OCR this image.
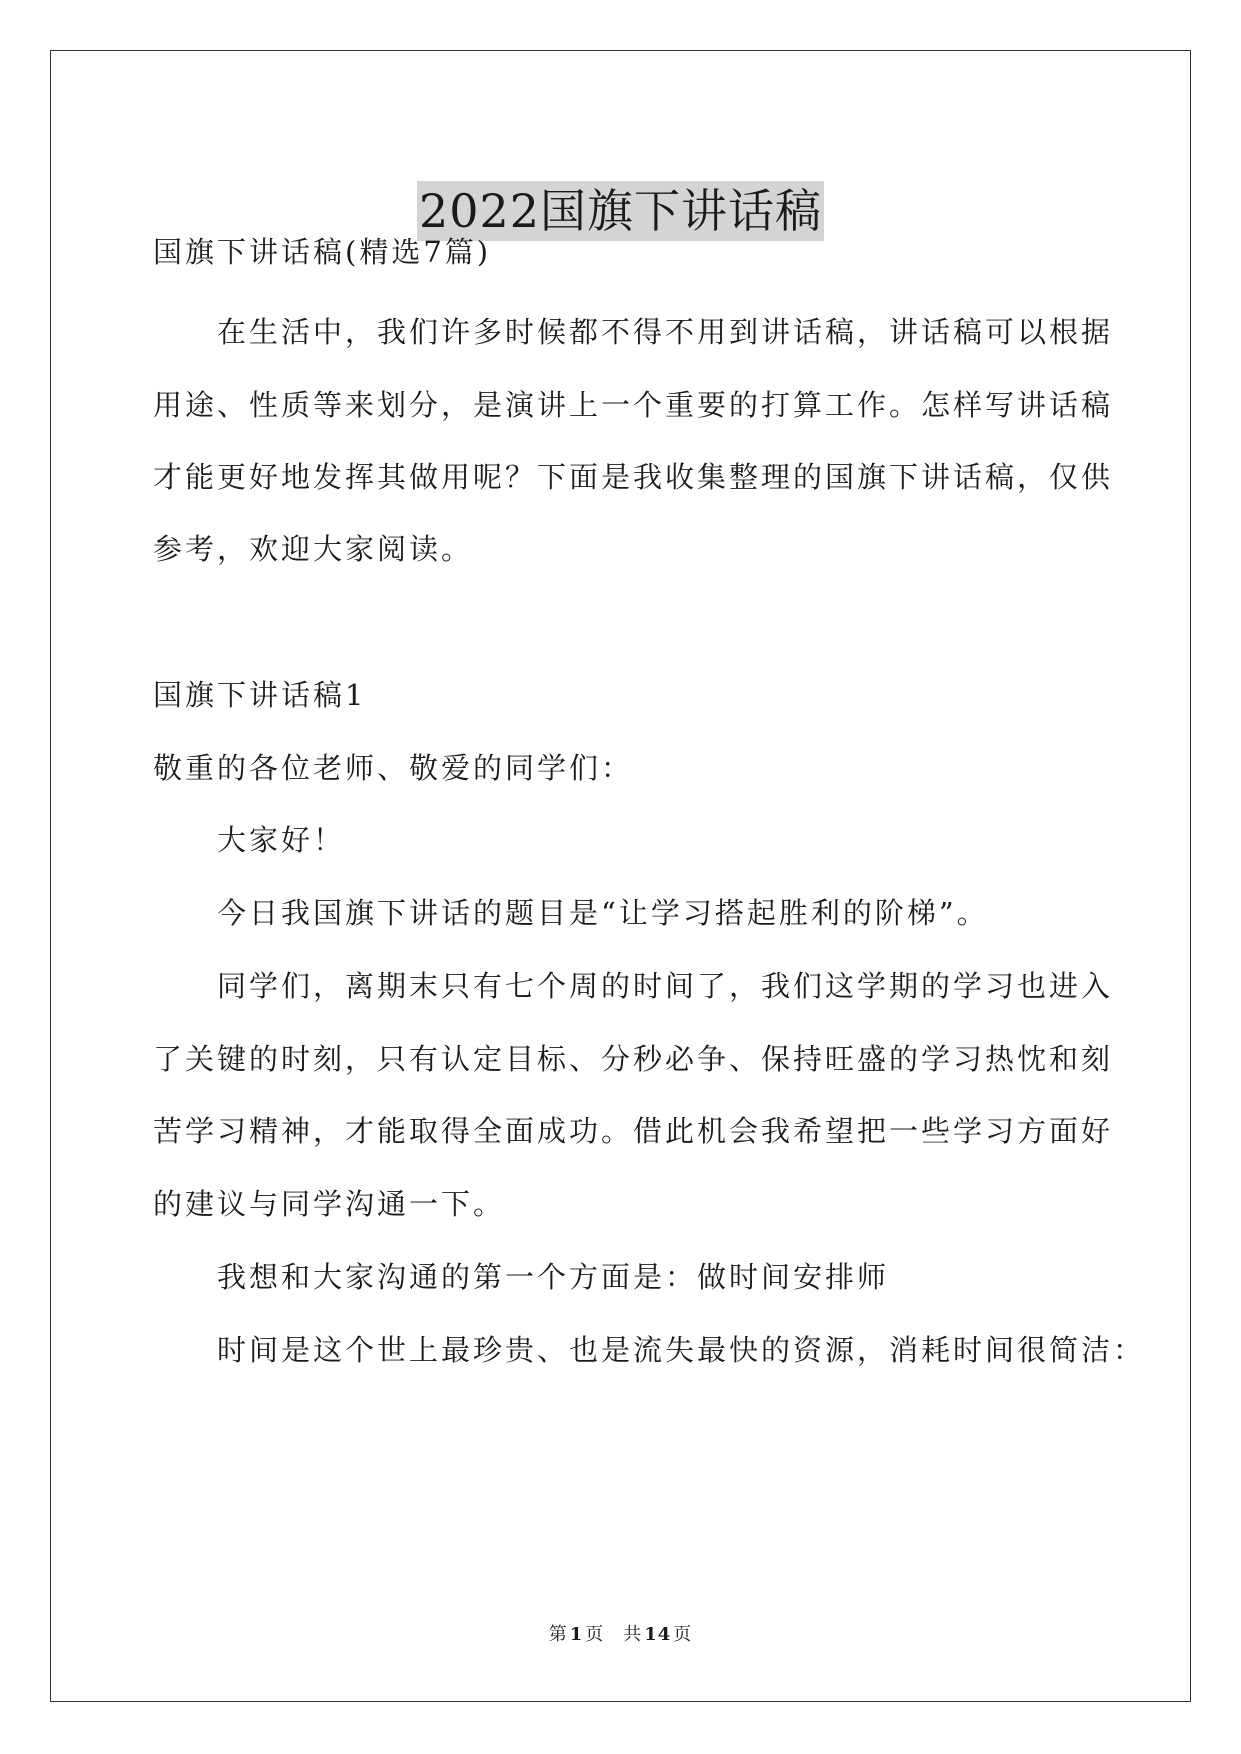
2022国旗下讲话稿
国旗下讲话稿(精选7篇)
　　在生活中，我们许多时候都不得不用到讲话稿，讲话稿可以根据
用途、性质等来划分，是演讲上一个重要的打算工作。怎样写讲话稿
才能更好地发挥其做用呢？下面是我收集整理的国旗下讲话稿，仅供
参考，欢迎大家阅读。
国旗下讲话稿1
敬重的各位老师、敬爱的同学们：
　　大家好！
　　今日我国旗下讲话的题目是“让学习搭起胜利的阶梯”。
　　同学们，离期末只有七个周的时间了，我们这学期的学习也进入
了关键的时刻，只有认定目标、分秒必争、保持旺盛的学习热忱和刻
苦学习精神，才能取得全面成功。借此机会我希望把一些学习方面好
的建议与同学沟通一下。
　　我想和大家沟通的第一个方面是：做时间安排师
　　时间是这个世上最珍贵、也是流失最快的资源，消耗时间很简洁：
第 1 页　共 14 页
